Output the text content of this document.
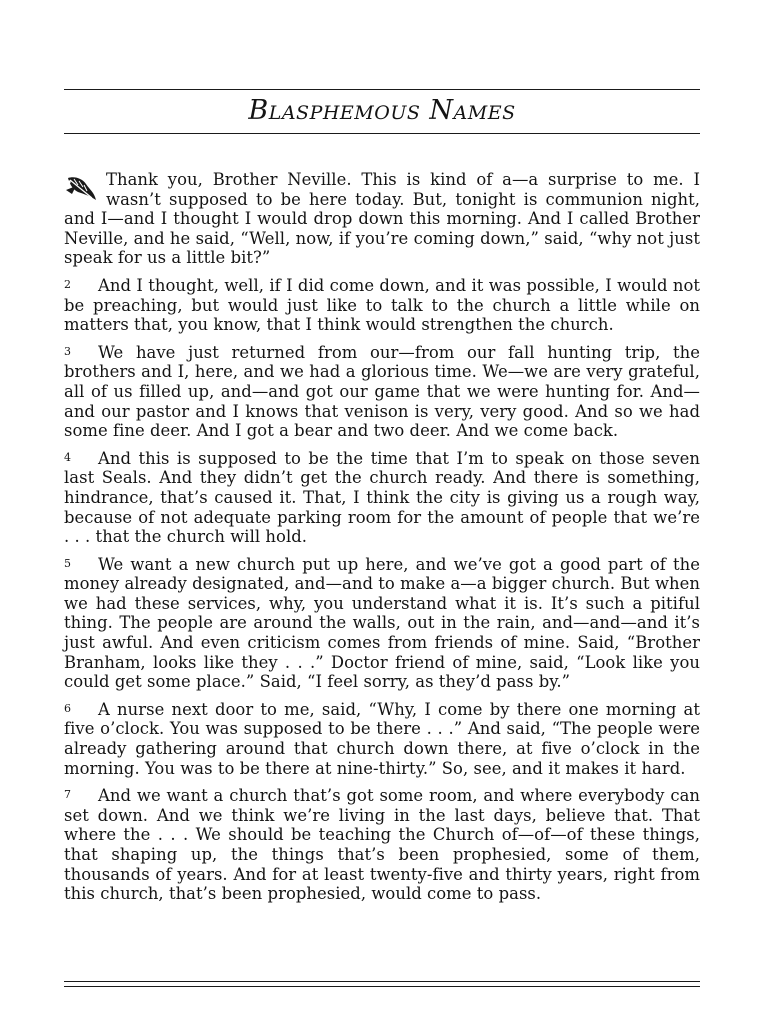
Blasphemous Names

Thank you, Brother Neville. This is kind of a—a surprise to me. I wasn’t supposed to be here today. But, tonight is communion night, and I—and I thought I would drop down this morning. And I called Brother Neville, and he said, “Well, now, if you’re coming down,” said, “why not just speak for us a little bit?”

2 And I thought, well, if I did come down, and it was possible, I would not be preaching, but would just like to talk to the church a little while on matters that, you know, that I think would strengthen the church.

3 We have just returned from our—from our fall hunting trip, the brothers and I, here, and we had a glorious time. We—we are very grateful, all of us filled up, and—and got our game that we were hunting for. And—and our pastor and I knows that venison is very, very good. And so we had some fine deer. And I got a bear and two deer. And we come back.

4 And this is supposed to be the time that I’m to speak on those seven last Seals. And they didn’t get the church ready. And there is something, hindrance, that’s caused it. That, I think the city is giving us a rough way, because of not adequate parking room for the amount of people that we’re . . . that the church will hold.

5 We want a new church put up here, and we’ve got a good part of the money already designated, and—and to make a—a bigger church. But when we had these services, why, you understand what it is. It’s such a pitiful thing. The people are around the walls, out in the rain, and—and—and it’s just awful. And even criticism comes from friends of mine. Said, “Brother Branham, looks like they . . .” Doctor friend of mine, said, “Look like you could get some place.” Said, “I feel sorry, as they’d pass by.”

6 A nurse next door to me, said, “Why, I come by there one morning at five o’clock. You was supposed to be there . . .” And said, “The people were already gathering around that church down there, at five o’clock in the morning. You was to be there at nine-thirty.” So, see, and it makes it hard.

7 And we want a church that’s got some room, and where everybody can set down. And we think we’re living in the last days, believe that. That where the . . . We should be teaching the Church of—of—of these things, that shaping up, the things that’s been prophesied, some of them, thousands of years. And for at least twenty-five and thirty years, right from this church, that’s been prophesied, would come to pass.
